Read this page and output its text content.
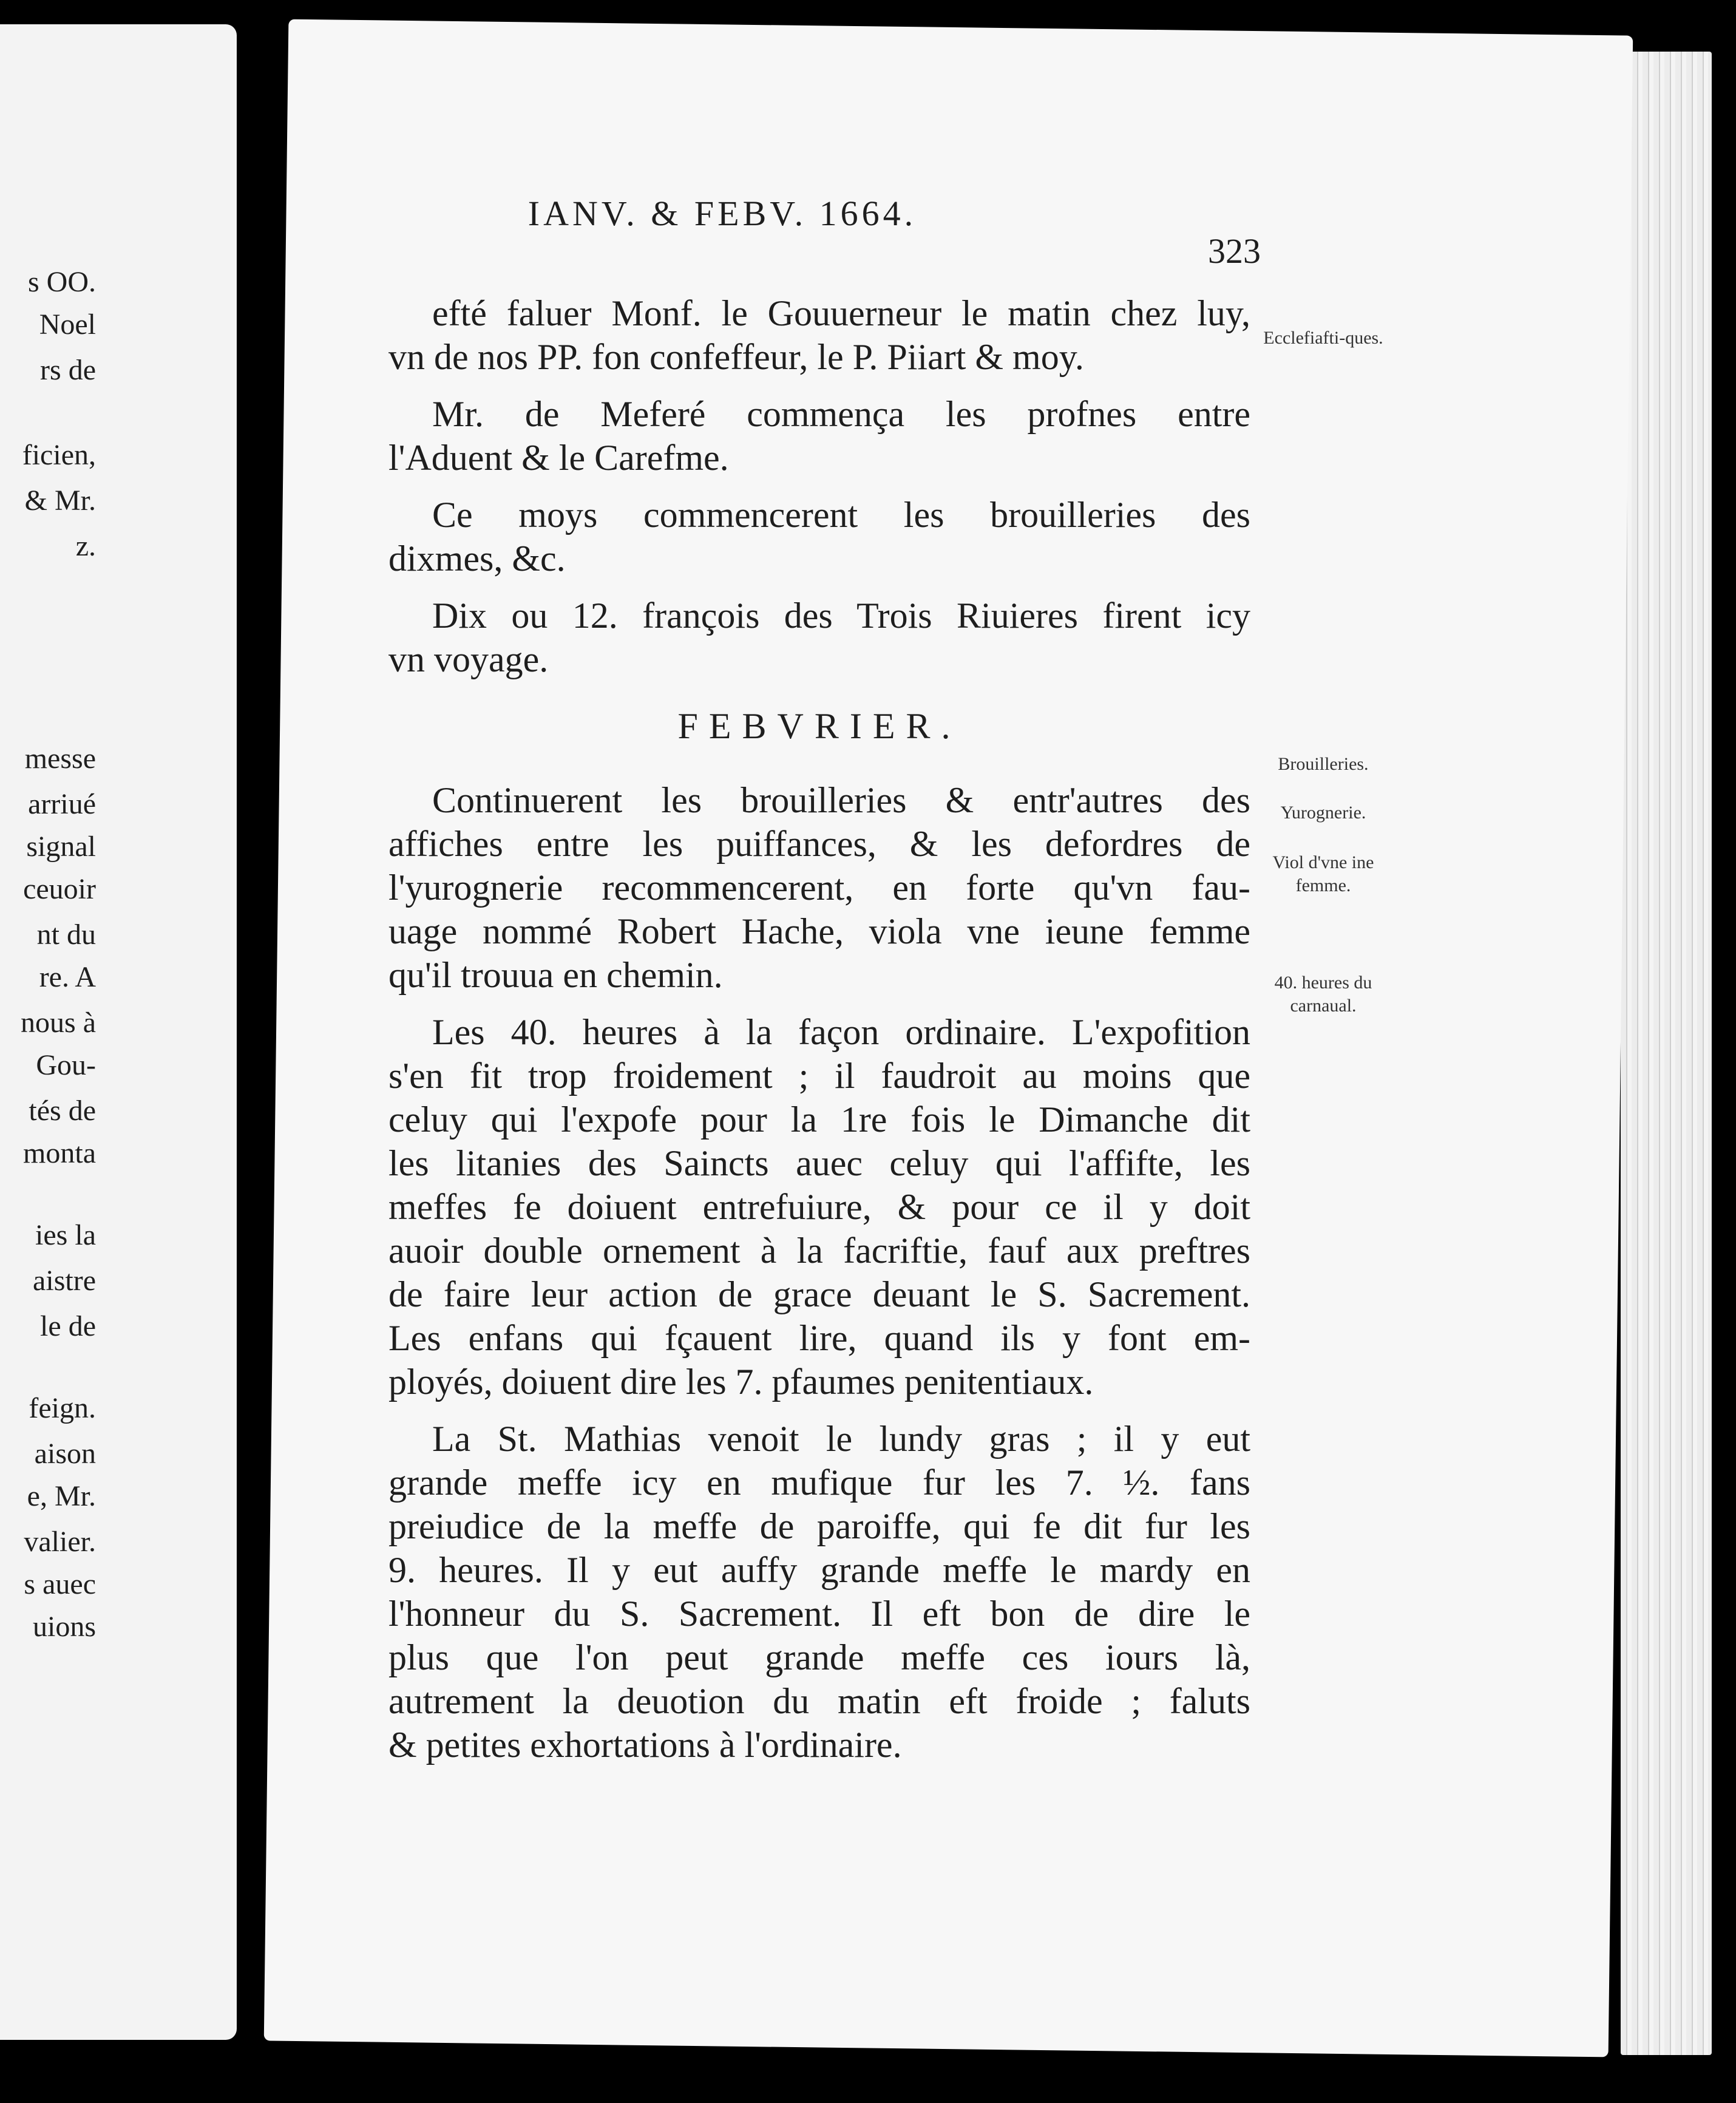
s OO.
Noel
rs de
ficien,
& Mr.
z.
messe
arriué
signal
ceuoir
nt du
re. A
nous à
Gou-
tés de
monta
ies la
aistre
le de
feign.
aison
e, Mr.
valier.
s auec
uions
IANV. & FEBV. 1664.
323
efté faluer Monf. le Gouuerneur le matin chez luy,
vn de nos PP. fon confeffeur, le P. Piiart & moy.
Mr. de Meferé commença les profnes entre
l'Aduent & le Carefme.
Ce moys commencerent les brouilleries des
dixmes, &c.
Dix ou 12. françois des Trois Riuieres firent icy
vn voyage.
FEBVRIER.
Continuerent les brouilleries & entr'autres des
affiches entre les puiffances, & les defordres de
l'yurognerie recommencerent, en forte qu'vn fau-
uage nommé Robert Hache, viola vne ieune femme
qu'il trouua en chemin.
Les 40. heures à la façon ordinaire. L'expofition
s'en fit trop froidement ; il faudroit au moins que
celuy qui l'expofe pour la 1re fois le Dimanche dit
les litanies des Saincts auec celuy qui l'affifte, les
meffes fe doiuent entrefuiure, & pour ce il y doit
auoir double ornement à la facriftie, fauf aux preftres
de faire leur action de grace deuant le S. Sacrement.
Les enfans qui fçauent lire, quand ils y font em-
ployés, doiuent dire les 7. pfaumes penitentiaux.
La St. Mathias venoit le lundy gras ; il y eut
grande meffe icy en mufique fur les 7. ½. fans
preiudice de la meffe de paroiffe, qui fe dit fur les
9. heures. Il y eut auffy grande meffe le mardy en
l'honneur du S. Sacrement. Il eft bon de dire le
plus que l'on peut grande meffe ces iours là,
autrement la deuotion du matin eft froide ; faluts
& petites exhortations à l'ordinaire.
Ecclefiafti-ques.
Brouilleries.
Yurognerie.
Viol d'vne ine femme.
40. heures du carnaual.
